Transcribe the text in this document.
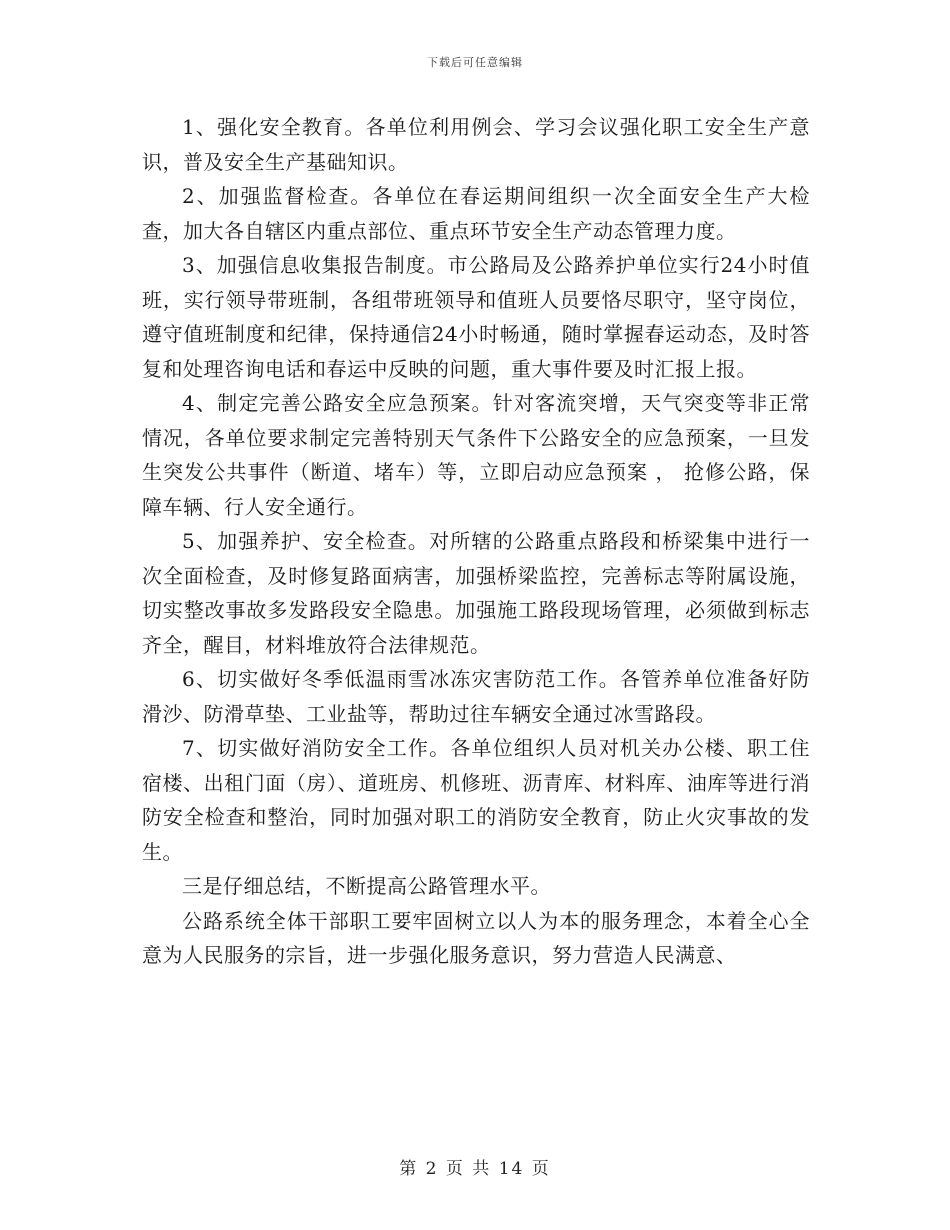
下载后可任意编辑

1、强化安全教育。各单位利用例会、学习会议强化职工安全生产意识，普及安全生产基础知识。

2、加强监督检查。各单位在春运期间组织一次全面安全生产大检查，加大各自辖区内重点部位、重点环节安全生产动态管理力度。

3、加强信息收集报告制度。市公路局及公路养护单位实行24小时值班，实行领导带班制，各组带班领导和值班人员要恪尽职守，坚守岗位，遵守值班制度和纪律，保持通信24小时畅通，随时掌握春运动态，及时答复和处理咨询电话和春运中反映的问题，重大事件要及时汇报上报。

4、制定完善公路安全应急预案。针对客流突增，天气突变等非正常情况，各单位要求制定完善特别天气条件下公路安全的应急预案，一旦发生突发公共事件（断道、堵车）等，立即启动应急预案 ， 抢修公路，保障车辆、行人安全通行。

5、加强养护、安全检查。对所辖的公路重点路段和桥梁集中进行一次全面检查，及时修复路面病害，加强桥梁监控，完善标志等附属设施，切实整改事故多发路段安全隐患。加强施工路段现场管理，必须做到标志齐全，醒目，材料堆放符合法律规范。

6、切实做好冬季低温雨雪冰冻灾害防范工作。各管养单位准备好防滑沙、防滑草垫、工业盐等，帮助过往车辆安全通过冰雪路段。

7、切实做好消防安全工作。各单位组织人员对机关办公楼、职工住宿楼、出租门面（房）、道班房、机修班、沥青库、材料库、油库等进行消防安全检查和整治，同时加强对职工的消防安全教育，防止火灾事故的发生。

三是仔细总结，不断提高公路管理水平。

公路系统全体干部职工要牢固树立以人为本的服务理念，本着全心全意为人民服务的宗旨，进一步强化服务意识，努力营造人民满意、

第 2 页 共 14 页
